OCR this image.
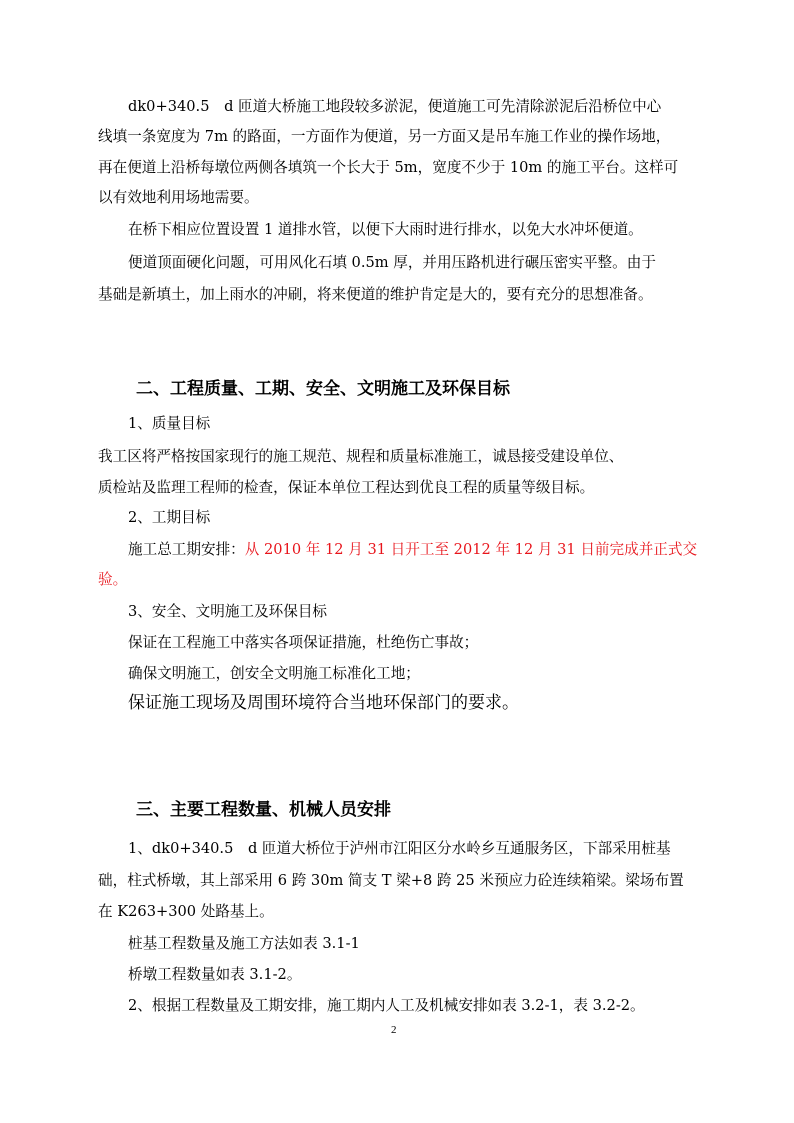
dk0+340.5　d 匝道大桥施工地段较多淤泥，便道施工可先清除淤泥后沿桥位中心
线填一条宽度为 7m 的路面，一方面作为便道，另一方面又是吊车施工作业的操作场地，
再在便道上沿桥每墩位两侧各填筑一个长大于 5m，宽度不少于 10m 的施工平台。这样可
以有效地利用场地需要。
在桥下相应位置设置 1 道排水管，以便下大雨时进行排水，以免大水冲坏便道。
便道顶面硬化问题，可用风化石填 0.5m 厚，并用压路机进行碾压密实平整。由于
基础是新填土，加上雨水的冲刷，将来便道的维护肯定是大的，要有充分的思想准备。
二、工程质量、工期、安全、文明施工及环保目标
1、质量目标
我工区将严格按国家现行的施工规范、规程和质量标准施工，诚恳接受建设单位、
质检站及监理工程师的检查，保证本单位工程达到优良工程的质量等级目标。
2、工期目标
施工总工期安排：从 2010 年 12 月 31 日开工至 2012 年 12 月 31 日前完成并正式交
验。
3、安全、文明施工及环保目标
保证在工程施工中落实各项保证措施，杜绝伤亡事故；
确保文明施工，创安全文明施工标准化工地；
保证施工现场及周围环境符合当地环保部门的要求。
三、主要工程数量、机械人员安排
1、dk0+340.5　d 匝道大桥位于泸州市江阳区分水岭乡互通服务区，下部采用桩基
础，柱式桥墩，其上部采用 6 跨 30m 简支 T 梁+8 跨 25 米预应力砼连续箱梁。梁场布置
在 K263+300 处路基上。
桩基工程数量及施工方法如表 3.1-1
桥墩工程数量如表 3.1-2。
2、根据工程数量及工期安排，施工期内人工及机械安排如表 3.2-1，表 3.2-2。
2
